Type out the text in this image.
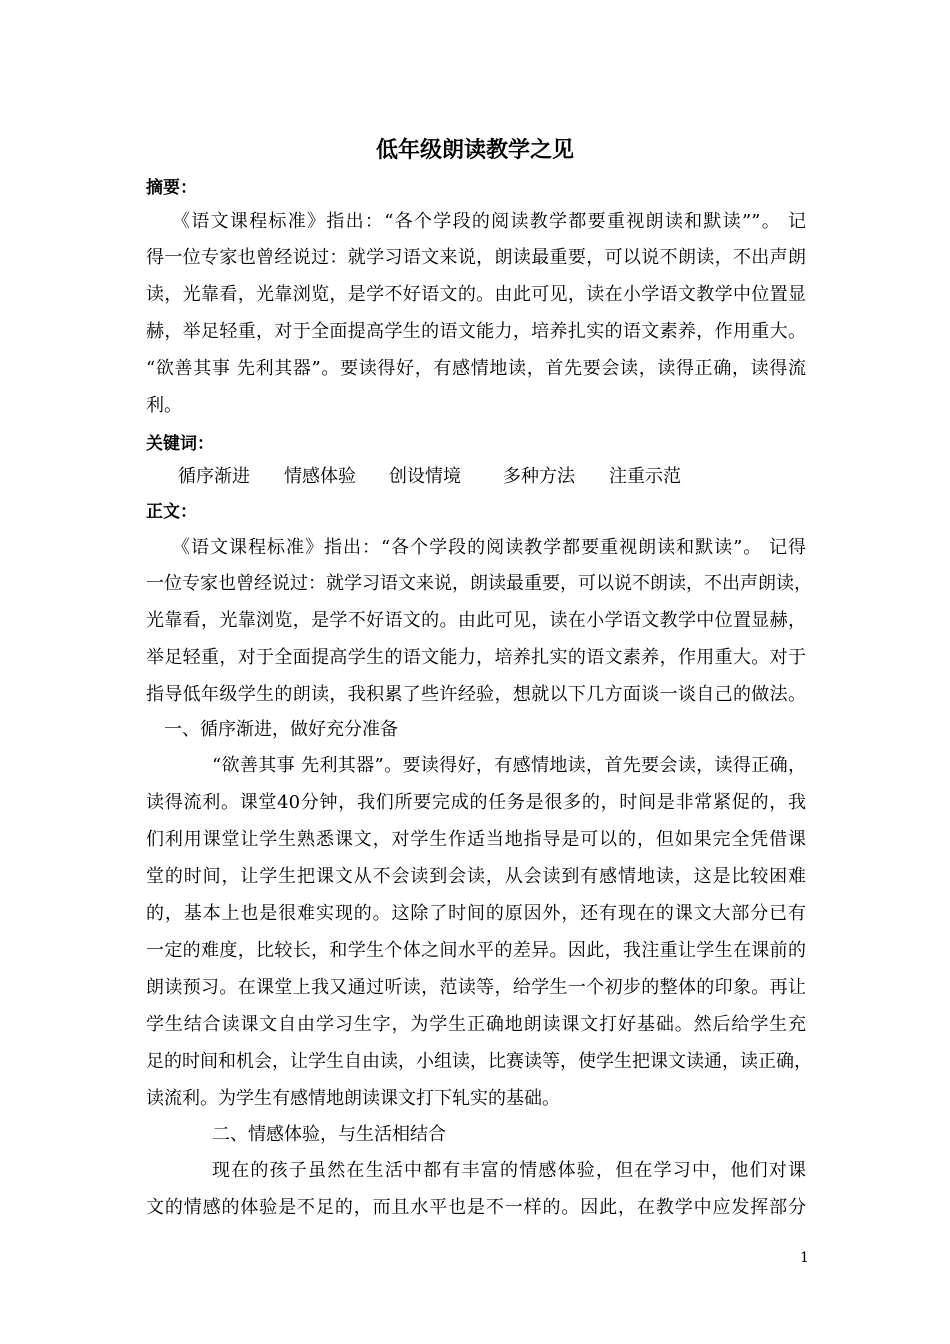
低年级朗读教学之见
摘要：
《语文课程标准》指出：“各个学段的阅读教学都要重视朗读和默读””。 记
得一位专家也曾经说过：就学习语文来说，朗读最重要，可以说不朗读，不出声朗
读，光靠看，光靠浏览，是学不好语文的。由此可见，读在小学语文教学中位置显
赫，举足轻重，对于全面提高学生的语文能力，培养扎实的语文素养，作用重大。
“欲善其事 先利其器”。要读得好，有感情地读，首先要会读，读得正确，读得流
利。
关键词：
循序渐进 情感体验 创设情境 多种方法 注重示范
正文：
《语文课程标准》指出：“各个学段的阅读教学都要重视朗读和默读”。 记得
一位专家也曾经说过：就学习语文来说，朗读最重要，可以说不朗读，不出声朗读，
光靠看，光靠浏览，是学不好语文的。由此可见，读在小学语文教学中位置显赫，
举足轻重，对于全面提高学生的语文能力，培养扎实的语文素养，作用重大。对于
指导低年级学生的朗读，我积累了些许经验，想就以下几方面谈一谈自己的做法。
一、循序渐进，做好充分准备
“欲善其事 先利其器”。要读得好，有感情地读，首先要会读，读得正确，
读得流利。课堂40分钟，我们所要完成的任务是很多的，时间是非常紧促的，我
们利用课堂让学生熟悉课文，对学生作适当地指导是可以的，但如果完全凭借课
堂的时间，让学生把课文从不会读到会读，从会读到有感情地读，这是比较困难
的，基本上也是很难实现的。这除了时间的原因外，还有现在的课文大部分已有
一定的难度，比较长，和学生个体之间水平的差异。因此，我注重让学生在课前的
朗读预习。在课堂上我又通过听读，范读等，给学生一个初步的整体的印象。再让
学生结合读课文自由学习生字，为学生正确地朗读课文打好基础。然后给学生充
足的时间和机会，让学生自由读，小组读，比赛读等，使学生把课文读通，读正确，
读流利。为学生有感情地朗读课文打下轧实的基础。
二、情感体验，与生活相结合
现在的孩子虽然在生活中都有丰富的情感体验，但在学习中，他们对课
文的情感的体验是不足的，而且水平也是不一样的。因此，在教学中应发挥部分
1
